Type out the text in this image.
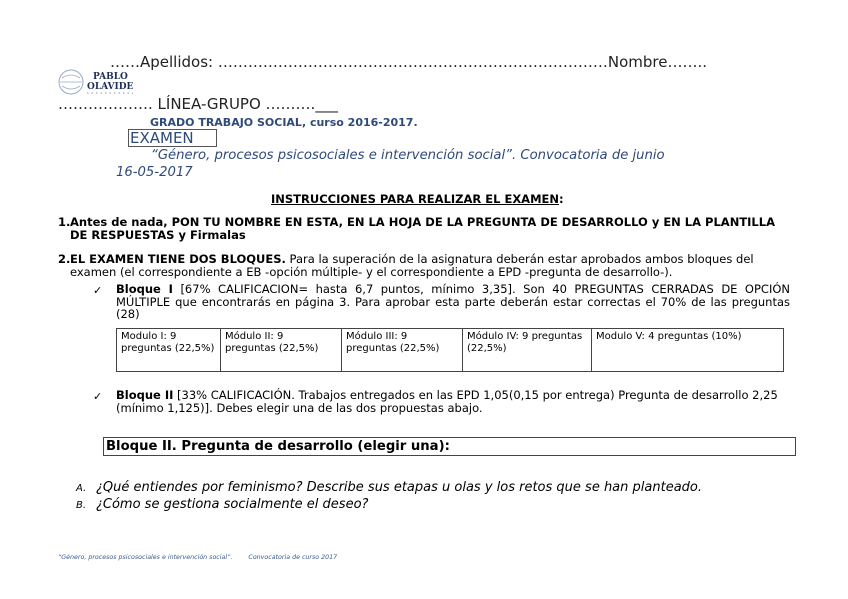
……Apellidos: ……………………………………………………………………Nombre……..
PABLO
OLAVIDE
………………. LÍNEA-GRUPO ……….___
GRADO TRABAJO SOCIAL, curso 2016-2017.
EXAMEN
“Género, procesos psicosociales e intervención social”. Convocatoria de junio
16-05-2017
INSTRUCCIONES PARA REALIZAR EL EXAMEN:
1. Antes de nada, PON TU NOMBRE EN ESTA, EN LA HOJA DE LA PREGUNTA DE DESARROLLO y EN LA PLANTILLA DE RESPUESTAS y Firmalas
2. EL EXAMEN TIENE DOS BLOQUES. Para la superación de la asignatura deberán estar aprobados ambos bloques del examen (el correspondiente a EB -opción múltiple- y el correspondiente a EPD -pregunta de desarrollo-).
✓ Bloque I [67% CALIFICACION= hasta 6,7 puntos, mínimo 3,35]. Son 40 PREGUNTAS CERRADAS DE OPCIÓN MÚLTIPLE que encontrarás en página 3. Para aprobar esta parte deberán estar correctas el 70% de las preguntas (28)
Modulo I: 9 preguntas (22,5%)	Módulo II: 9 preguntas (22,5%)	Módulo III: 9 preguntas (22,5%)	Módulo IV: 9 preguntas (22,5%)	Modulo V: 4 preguntas (10%)
✓ Bloque II [33% CALIFICACIÓN. Trabajos entregados en las EPD 1,05(0,15 por entrega) Pregunta de desarrollo 2,25 (mínimo 1,125)]. Debes elegir una de las dos propuestas abajo.
Bloque II. Pregunta de desarrollo (elegir una):
A. ¿Qué entiendes por feminismo? Describe sus etapas u olas y los retos que se han planteado.
B. ¿Cómo se gestiona socialmente el deseo?
“Género, procesos psicosociales e intervención social”.	Convocatoria de curso 2017
